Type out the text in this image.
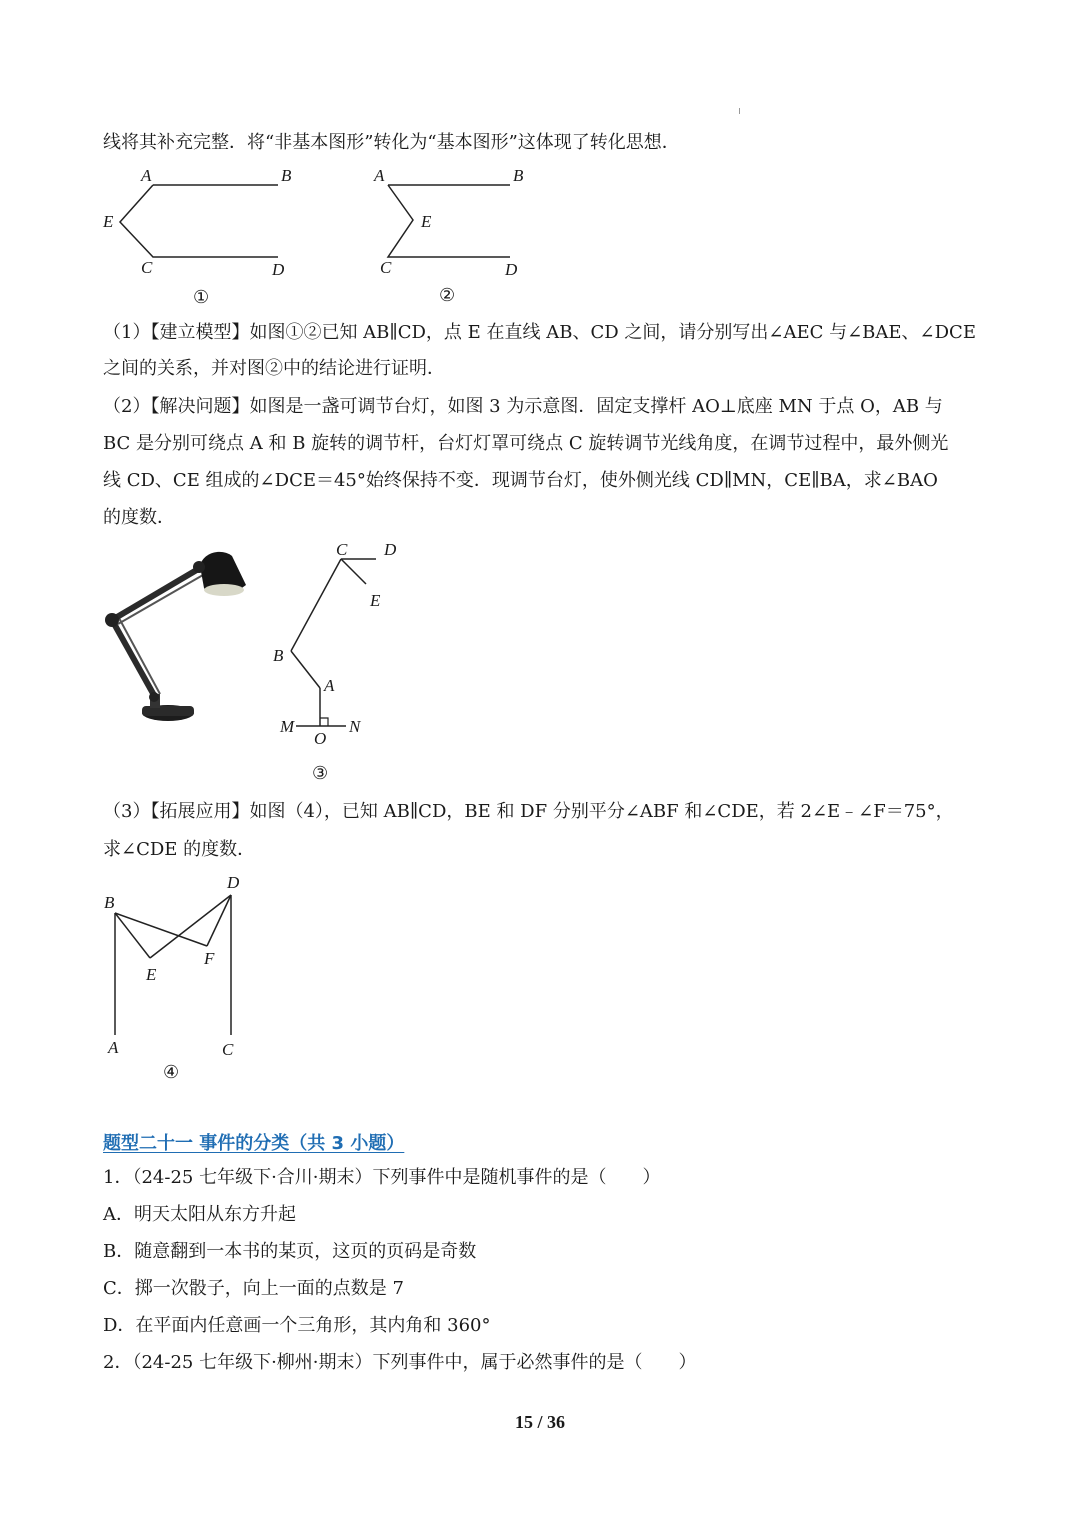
线将其补充完整．将“非基本图形”转化为“基本图形”这体现了转化思想．
A	B
E
C	D
①
A	B
E
C	D
②
（1）【建立模型】如图①②已知 AB∥CD，点 E 在直线 AB、CD 之间，请分别写出∠AEC 与∠BAE、∠DCE
之间的关系，并对图②中的结论进行证明．
（2）【解决问题】如图是一盏可调节台灯，如图 3 为示意图．固定支撑杆 AO⊥底座 MN 于点 O，AB 与
BC 是分别可绕点 A 和 B 旋转的调节杆，台灯灯罩可绕点 C 旋转调节光线角度，在调节过程中，最外侧光
线 CD、CE 组成的∠DCE＝45°始终保持不变．现调节台灯，使外侧光线 CD∥MN，CE∥BA，求∠BAO
的度数．
C D
E
B
A
M
O
N
③
（3）【拓展应用】如图（4），已知 AB∥CD，BE 和 DF 分别平分∠ABF 和∠CDE，若 2∠E﹣∠F＝75°，
求∠CDE 的度数．
B
D
E
F
A	C
④
题型二十一 事件的分类（共 3 小题）
1．（24-25 七年级下·合川·期末）下列事件中是随机事件的是（　　）
A．明天太阳从东方升起
B．随意翻到一本书的某页，这页的页码是奇数
C．掷一次骰子，向上一面的点数是 7
D．在平面内任意画一个三角形，其内角和 360°
2．（24-25 七年级下·柳州·期末）下列事件中，属于必然事件的是（　　）
15 / 36
